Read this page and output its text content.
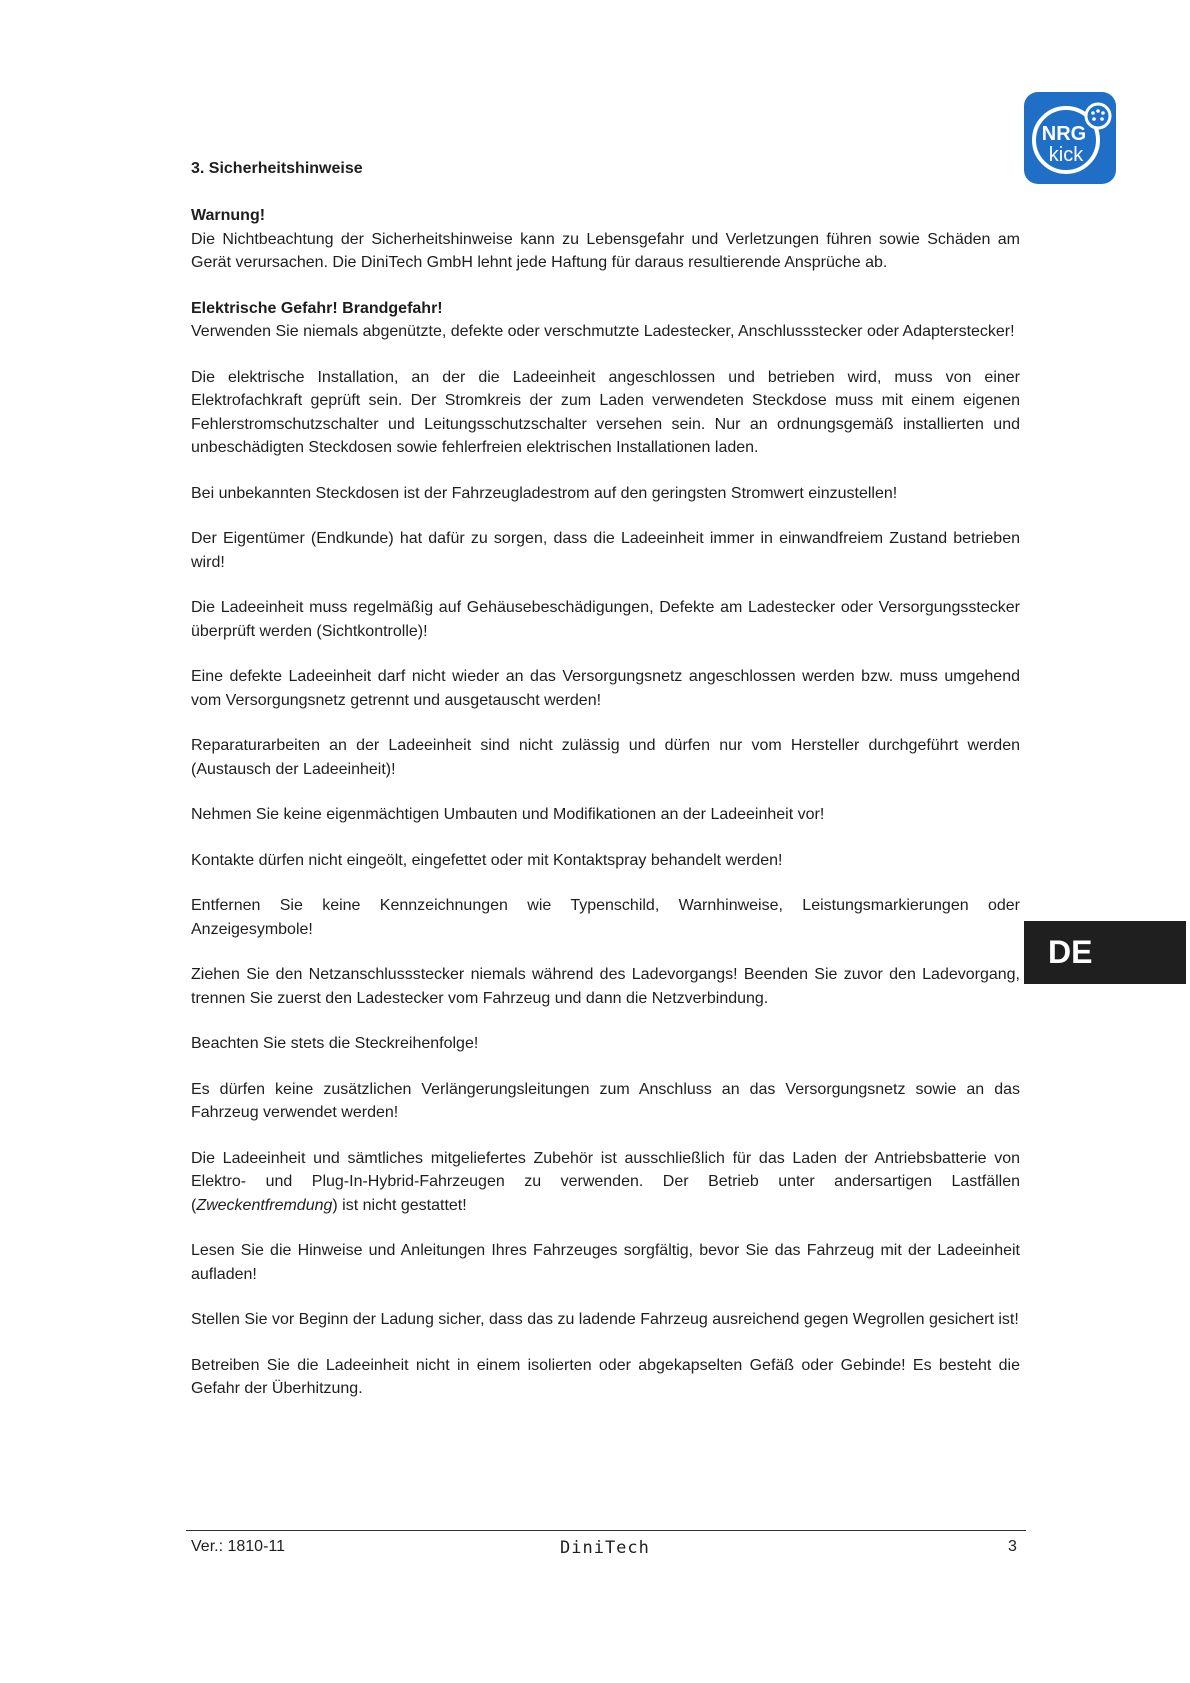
NRG
kick
3. Sicherheitshinweise

Warnung!
Die Nichtbeachtung der Sicherheitshinweise kann zu Lebensgefahr und Verletzungen führen sowie Schäden am Gerät verursachen. Die DiniTech GmbH lehnt jede Haftung für daraus resultierende Ansprüche ab.

Elektrische Gefahr! Brandgefahr!
Verwenden Sie niemals abgenützte, defekte oder verschmutzte Ladestecker, Anschlussstecker oder Adapterstecker!

Die elektrische Installation, an der die Ladeeinheit angeschlossen und betrieben wird, muss von einer Elektrofachkraft geprüft sein. Der Stromkreis der zum Laden verwendeten Steckdose muss mit einem eigenen Fehlerstromschutzschalter und Leitungsschutzschalter versehen sein. Nur an ordnungsgemäß installierten und unbeschädigten Steckdosen sowie fehlerfreien elektrischen Installationen laden.

Bei unbekannten Steckdosen ist der Fahrzeugladestrom auf den geringsten Stromwert einzustellen!

Der Eigentümer (Endkunde) hat dafür zu sorgen, dass die Ladeeinheit immer in einwandfreiem Zustand betrieben wird!

Die Ladeeinheit muss regelmäßig auf Gehäusebeschädigungen, Defekte am Ladestecker oder Versorgungsstecker überprüft werden (Sichtkontrolle)!

Eine defekte Ladeeinheit darf nicht wieder an das Versorgungsnetz angeschlossen werden bzw. muss umgehend vom Versorgungsnetz getrennt und ausgetauscht werden!

Reparaturarbeiten an der Ladeeinheit sind nicht zulässig und dürfen nur vom Hersteller durchgeführt werden (Austausch der Ladeeinheit)!

Nehmen Sie keine eigenmächtigen Umbauten und Modifikationen an der Ladeeinheit vor!

Kontakte dürfen nicht eingeölt, eingefettet oder mit Kontaktspray behandelt werden!

Entfernen Sie keine Kennzeichnungen wie Typenschild, Warnhinweise, Leistungsmarkierungen oder Anzeigesymbole!

Ziehen Sie den Netzanschlussstecker niemals während des Ladevorgangs! Beenden Sie zuvor den Ladevorgang, trennen Sie zuerst den Ladestecker vom Fahrzeug und dann die Netzverbindung.

Beachten Sie stets die Steckreihenfolge!

Es dürfen keine zusätzlichen Verlängerungsleitungen zum Anschluss an das Versorgungsnetz sowie an das Fahrzeug verwendet werden!

Die Ladeeinheit und sämtliches mitgeliefertes Zubehör ist ausschließlich für das Laden der Antriebsbatterie von Elektro- und Plug-In-Hybrid-Fahrzeugen zu verwenden. Der Betrieb unter andersartigen Lastfällen (Zweckentfremdung) ist nicht gestattet!

Lesen Sie die Hinweise und Anleitungen Ihres Fahrzeuges sorgfältig, bevor Sie das Fahrzeug mit der Ladeeinheit aufladen!

Stellen Sie vor Beginn der Ladung sicher, dass das zu ladende Fahrzeug ausreichend gegen Wegrollen gesichert ist!

Betreiben Sie die Ladeeinheit nicht in einem isolierten oder abgekapselten Gefäß oder Gebinde! Es besteht die Gefahr der Überhitzung.

DE
Ver.: 1810-11	DiniTech	3
